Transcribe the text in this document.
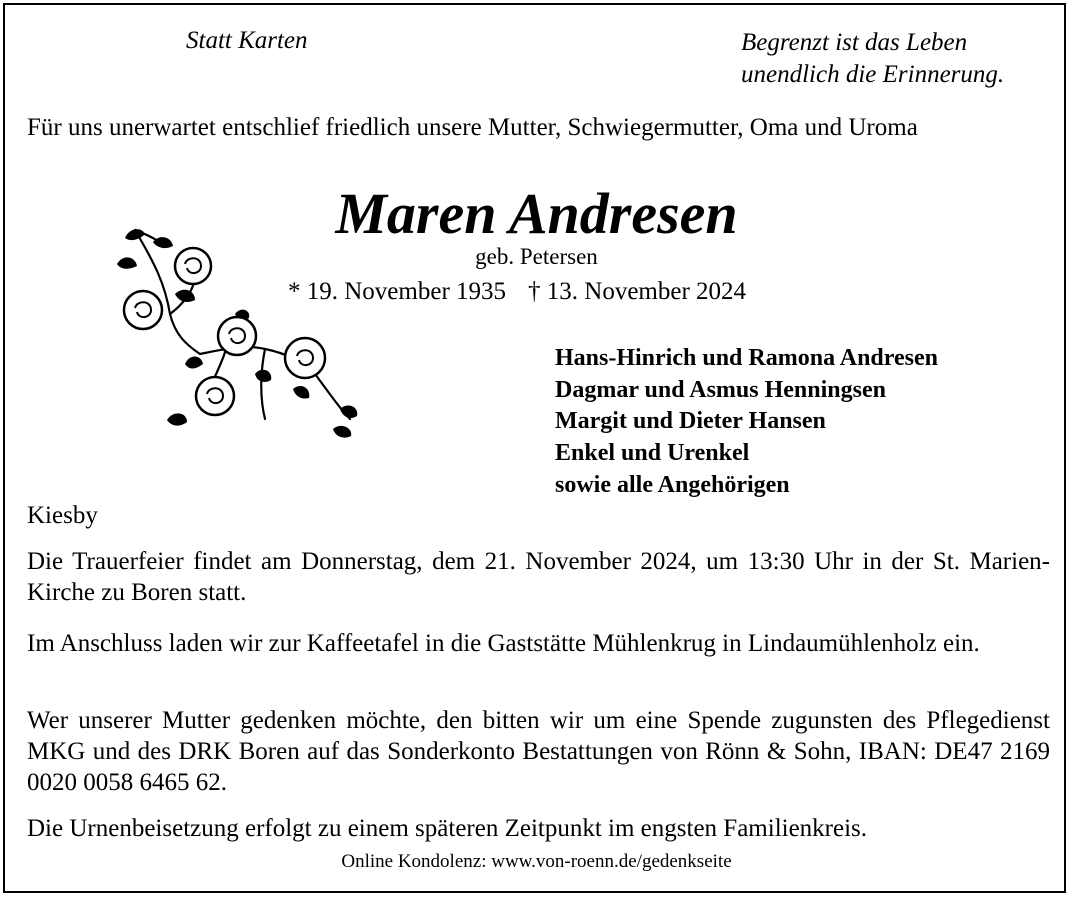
Statt Karten	Begrenzt ist das Leben
unendlich die Erinnerung.
Für uns unerwartet entschlief friedlich unsere Mutter, Schwiegermutter, Oma und Uroma
Maren Andresen
geb. Petersen
* 19. November 1935 † 13. November 2024
Hans-Hinrich und Ramona Andresen
Dagmar und Asmus Henningsen
Margit und Dieter Hansen
Enkel und Urenkel
sowie alle Angehörigen
Kiesby
Die Trauerfeier findet am Donnerstag, dem 21. November 2024, um 13:30 Uhr in der St. Marien-Kirche zu Boren statt.
Im Anschluss laden wir zur Kaffeetafel in die Gaststätte Mühlenkrug in Lindaumühlenholz ein.
Wer unserer Mutter gedenken möchte, den bitten wir um eine Spende zugunsten des Pflegedienst MKG und des DRK Boren auf das Sonderkonto Bestattungen von Rönn & Sohn, IBAN: DE47 2169 0020 0058 6465 62.
Die Urnenbeisetzung erfolgt zu einem späteren Zeitpunkt im engsten Familienkreis.
Online Kondolenz: www.von-roenn.de/gedenkseite
